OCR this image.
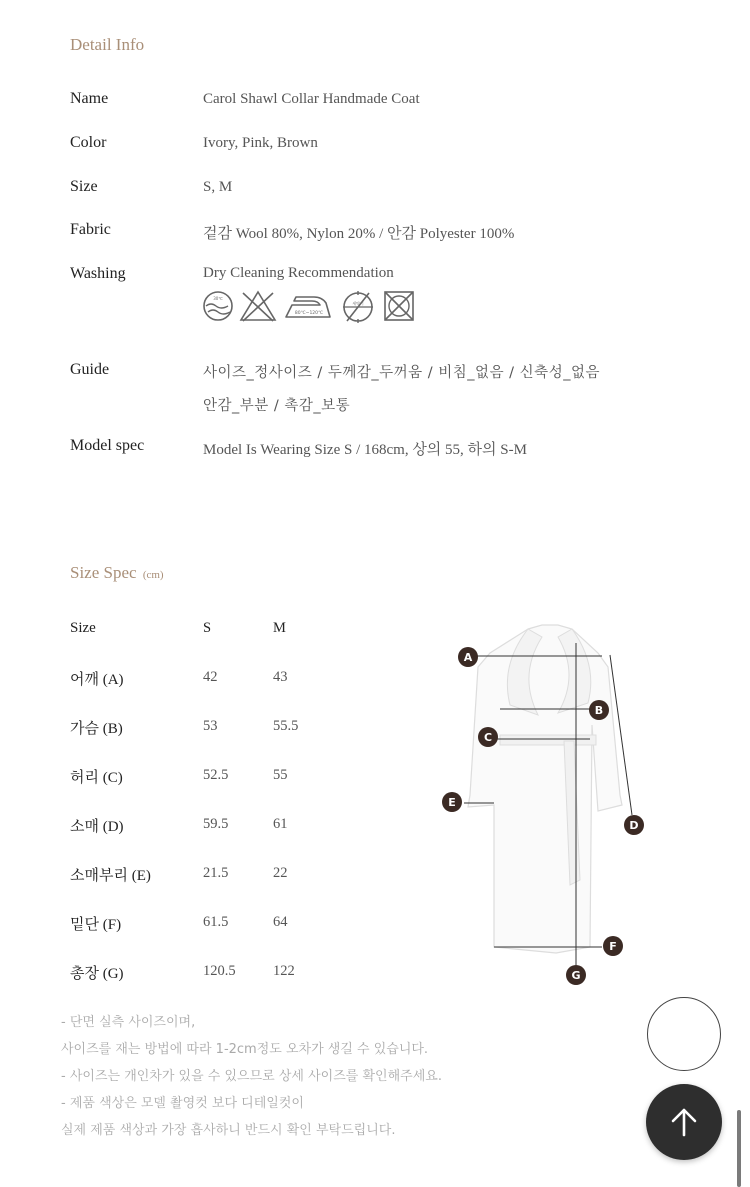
Detail Info
Name	Carol Shawl Collar Handmade Coat
Color	Ivory, Pink, Brown
Size	S, M
Fabric	겉감 Wool 80%, Nylon 20% / 안감 Polyester 100%
Washing	Dry Cleaning Recommendation
30℃
80℃~120℃
세탁기
Guide	사이즈_정사이즈 / 두께감_두꺼움 / 비침_없음 / 신축성_없음
안감_부분 / 촉감_보통
Model spec	Model Is Wearing Size S / 168cm, 상의 55, 하의 S-M
Size Spec (cm)
Size	S	M
어깨 (A)	42	43
가슴 (B)	53	55.5
허리 (C)	52.5	55
소매 (D)	59.5	61
소매부리 (E)	21.5	22
밑단 (F)	61.5	64
총장 (G)	120.5	122
A
B
C
D
E
F
G
- 단면 실측 사이즈이며,
사이즈를 재는 방법에 따라 1-2cm정도 오차가 생길 수 있습니다.
- 사이즈는 개인차가 있을 수 있으므로 상세 사이즈를 확인해주세요.
- 제품 색상은 모델 촬영컷 보다 디테일컷이
실제 제품 색상과 가장 흡사하니 반드시 확인 부탁드립니다.
